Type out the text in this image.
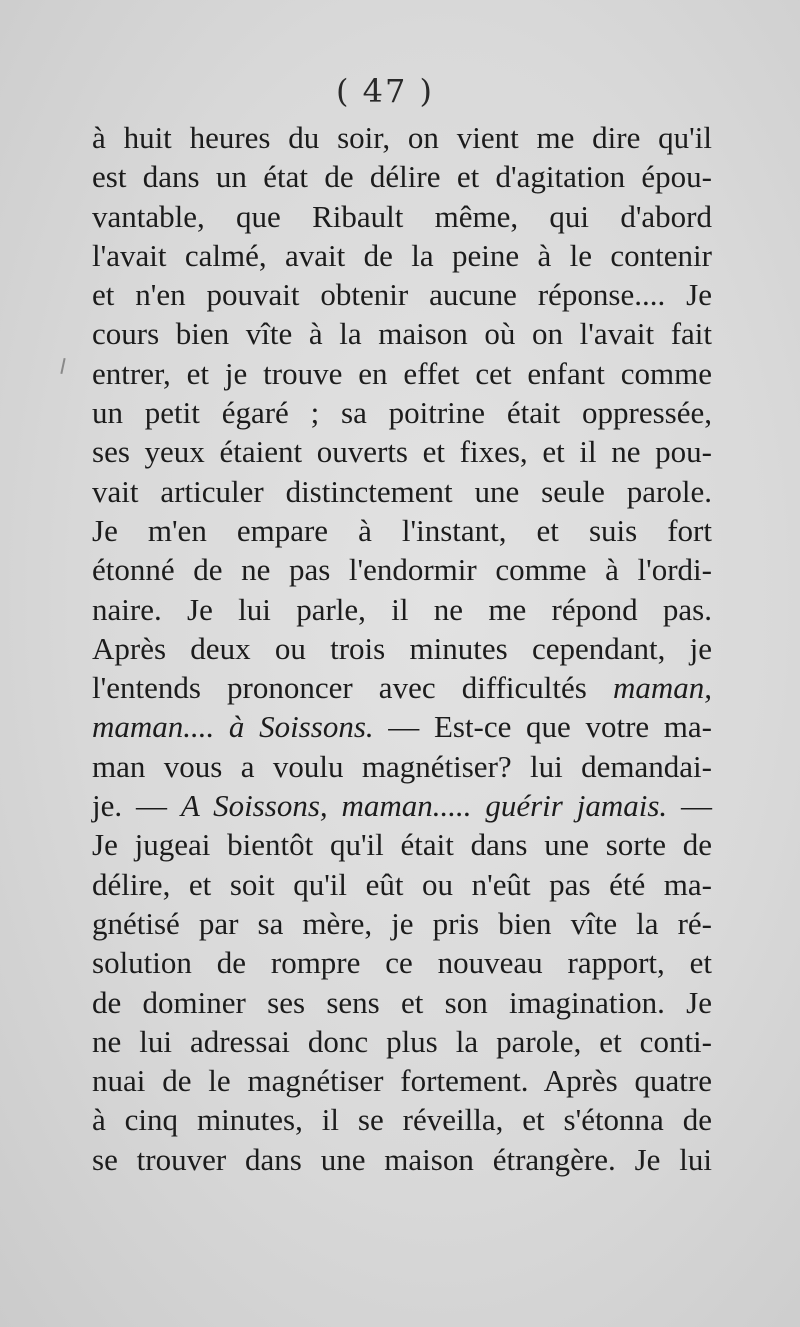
( 47 )
à huit heures du soir, on vient me dire qu'il
est dans un état de délire et d'agitation épou-
vantable, que Ribault même, qui d'abord
l'avait calmé, avait de la peine à le contenir
et n'en pouvait obtenir aucune réponse.... Je
cours bien vîte à la maison où on l'avait fait
entrer, et je trouve en effet cet enfant comme
un petit égaré ; sa poitrine était oppressée,
ses yeux étaient ouverts et fixes, et il ne pou-
vait articuler distinctement une seule parole.
Je m'en empare à l'instant, et suis fort
étonné de ne pas l'endormir comme à l'ordi-
naire. Je lui parle, il ne me répond pas.
Après deux ou trois minutes cependant, je
l'entends prononcer avec difficultés maman,
maman.... à Soissons. — Est-ce que votre ma-
man vous a voulu magnétiser? lui demandai-
je. — A Soissons, maman..... guérir jamais. —
Je jugeai bientôt qu'il était dans une sorte de
délire, et soit qu'il eût ou n'eût pas été ma-
gnétisé par sa mère, je pris bien vîte la ré-
solution de rompre ce nouveau rapport, et
de dominer ses sens et son imagination. Je
ne lui adressai donc plus la parole, et conti-
nuai de le magnétiser fortement. Après quatre
à cinq minutes, il se réveilla, et s'étonna de
se trouver dans une maison étrangère. Je lui
